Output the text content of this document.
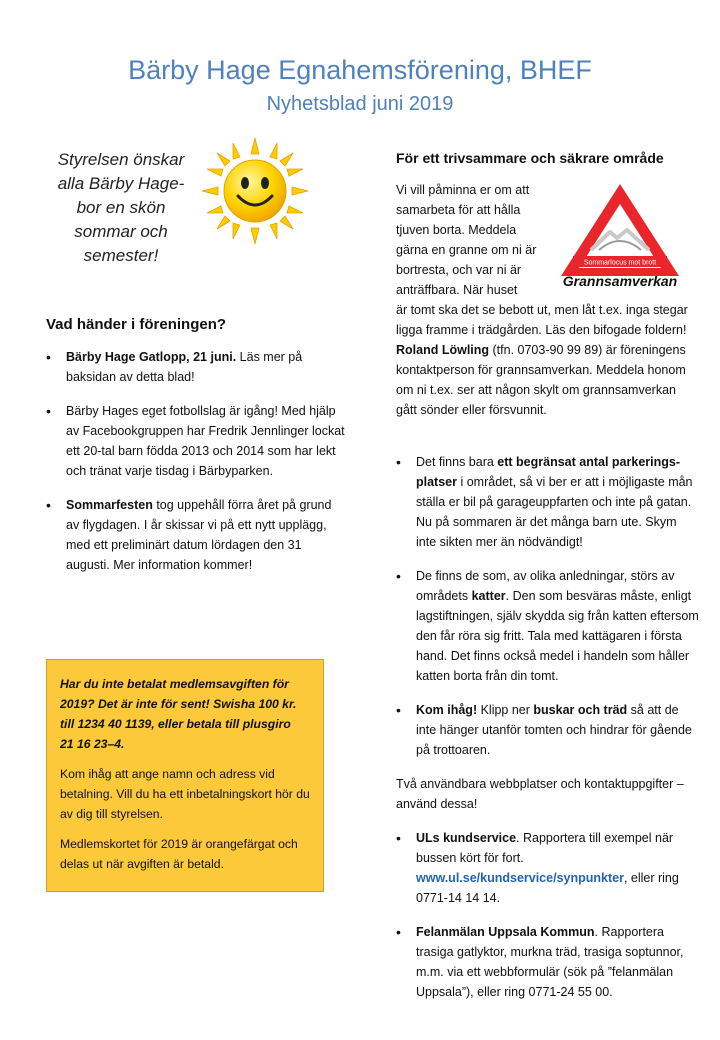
Bärby Hage Egnahemsförening, BHEF
Nyhetsblad juni 2019
Styrelsen önskar
alla Bärby Hage-
bor en skön
sommar och
semester!
Vad händer i föreningen?
• Bärby Hage Gatlopp, 21 juni. Läs mer på baksidan av detta blad!
• Bärby Hages eget fotbollslag är igång! Med hjälp av Facebookgruppen har Fredrik Jennlinger lockat ett 20-tal barn födda 2013 och 2014 som har lekt och tränat varje tisdag i Bärbyparken.
• Sommarfesten tog uppehåll förra året på grund av flygdagen. I år skissar vi på ett nytt upplägg, med ett preliminärt datum lördagen den 31 augusti. Mer information kommer!

Har du inte betalat medlemsavgiften för 2019? Det är inte för sent! Swisha 100 kr. till 1234 40 1139, eller betala till plusgiro
21 16 23–4.

Kom ihåg att ange namn och adress vid betalning. Vill du ha ett inbetalningskort hör du av dig till styrelsen.

Medlemskortet för 2019 är orangefärgat och delas ut när avgiften är betald.

För ett trivsammare och säkrare område
Sommarlocus mot brott
Grannsamverkan

Vi vill påminna er om att samarbeta för att hålla tjuven borta. Meddela gärna en granne om ni är bortresta, och var ni är anträffbara. När huset

är tomt ska det se bebott ut, men låt t.ex. inga stegar ligga framme i trädgården. Läs den bifogade foldern! Roland Löwling (tfn. 0703-90 99 89) är föreningens kontaktperson för grannsamverkan. Meddela honom om ni t.ex. ser att någon skylt om grannsamverkan gått sönder eller försvunnit.

• Det finns bara ett begränsat antal parkerings-platser i området, så vi ber er att i möjligaste mån ställa er bil på garageuppfarten och inte på gatan. Nu på sommaren är det många barn ute. Skym inte sikten mer än nödvändigt!
• De finns de som, av olika anledningar, störs av områdets katter. Den som besväras måste, enligt lagstiftningen, själv skydda sig från katten eftersom den får röra sig fritt. Tala med kattägaren i första hand. Det finns också medel i handeln som håller katten borta från din tomt.
• Kom ihåg! Klipp ner buskar och träd så att de inte hänger utanför tomten och hindrar för gående på trottoaren.

Två användbara webbplatser och kontaktuppgifter – använd dessa!

• ULs kundservice. Rapportera till exempel när bussen kört för fort.
www.ul.se/kundservice/synpunkter, eller ring 0771-14 14 14.
• Felanmälan Uppsala Kommun. Rapportera trasiga gatlyktor, murkna träd, trasiga soptunnor, m.m. via ett webbformulär (sök på ”felanmälan Uppsala”), eller ring 0771-24 55 00.
